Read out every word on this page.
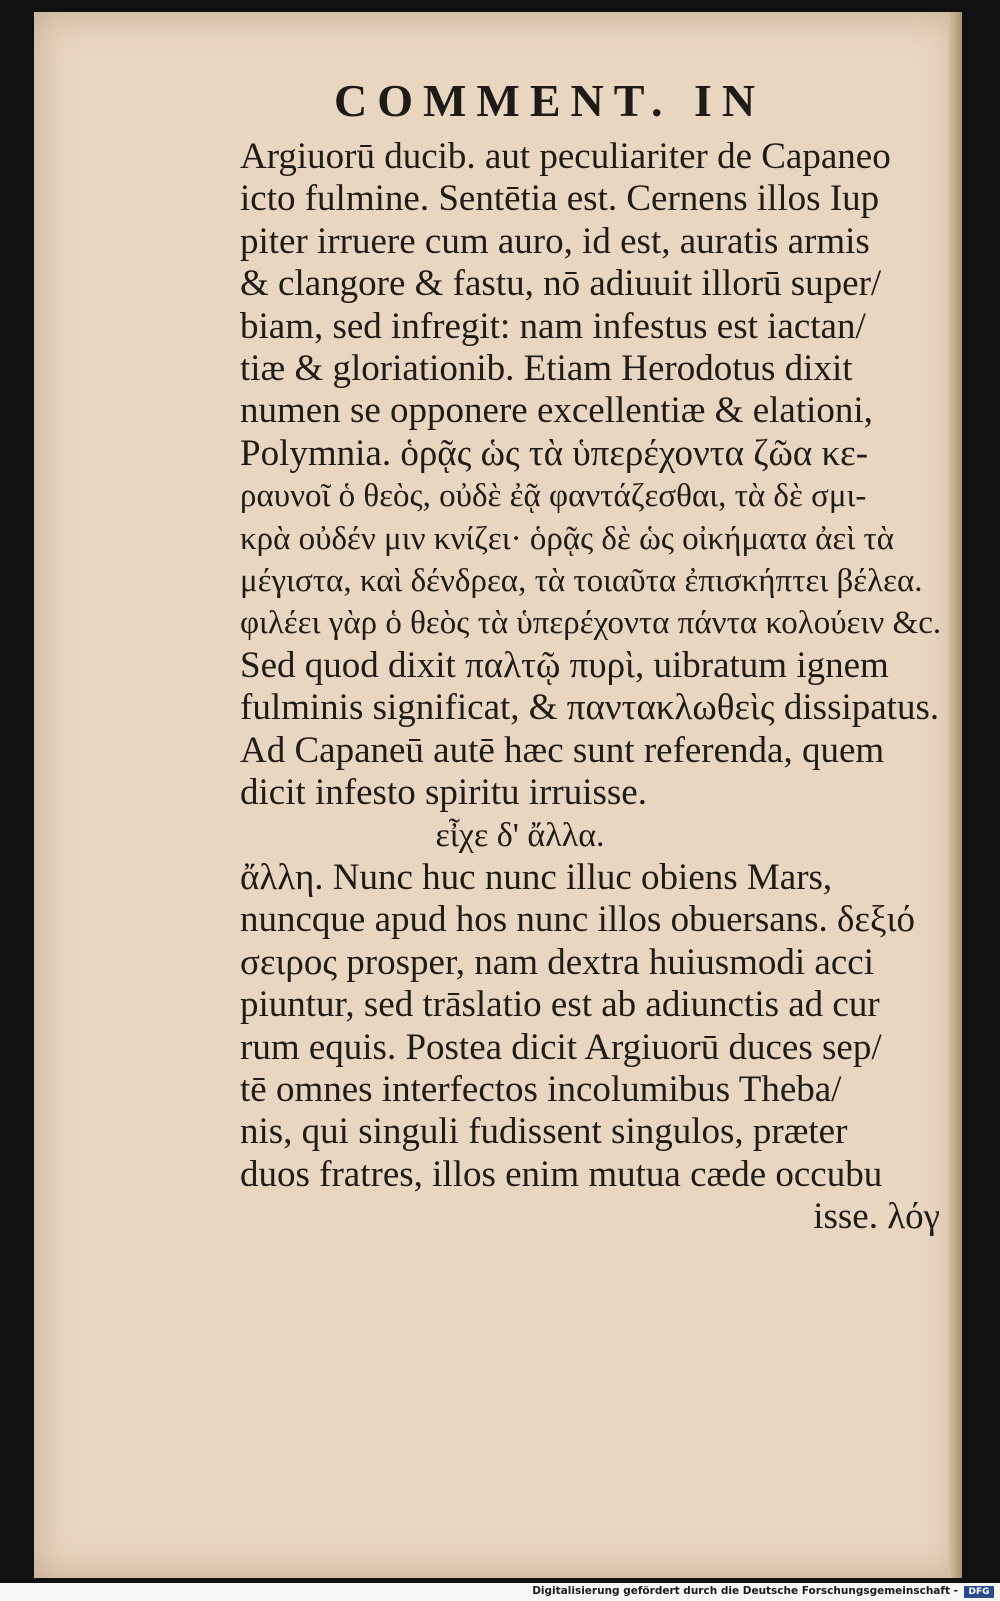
COMMENT. IN
Argiuorū ducib. aut peculiariter de Capaneo
icto fulmine. Sentētia est. Cernens illos Iup
piter irruere cum auro, id est, auratis armis
& clangore & fastu, nō adiuuit illorū super/
biam, sed infregit: nam infestus est iactan/
tiæ & gloriationib. Etiam Herodotus dixit
numen se opponere excellentiæ & elationi,
Polymnia. ὁρᾷς ὡς τὰ ὑπερέχοντα ζῶα κε-
ραυνοῖ ὁ θεὸς, οὐδὲ ἐᾷ φαντάζεσθαι, τὰ δὲ σμι-
κρὰ οὐδέν μιν κνίζει· ὁρᾷς δὲ ὡς οἰκήματα ἀεὶ τὰ
μέγιστα, καὶ δένδρεα, τὰ τοιαῦτα ἐπισκήπτει βέλεα.
φιλέει γὰρ ὁ θεὸς τὰ ὑπερέχοντα πάντα κολούειν &c.
Sed quod dixit παλτῷ πυρὶ, uibratum ignem
fulminis significat, & παντακλωθεὶς dissipatus.
Ad Capaneū autē hæc sunt referenda, quem
dicit infesto spiritu irruisse.
εἶχε δ' ἄλλα.
ἄλλη. Nunc huc nunc illuc obiens Mars,
nuncque apud hos nunc illos obuersans. δεξιό
σειρος prosper, nam dextra huiusmodi acci
piuntur, sed trāslatio est ab adiunctis ad cur
rum equis. Postea dicit Argiuorū duces sep/
tē omnes interfectos incolumibus Theba/
nis, qui singuli fudissent singulos, præter
duos fratres, illos enim mutua cæde occubu
isse. λόγ
Digitalisierung gefördert durch die Deutsche Forschungsgemeinschaft -	DFG
